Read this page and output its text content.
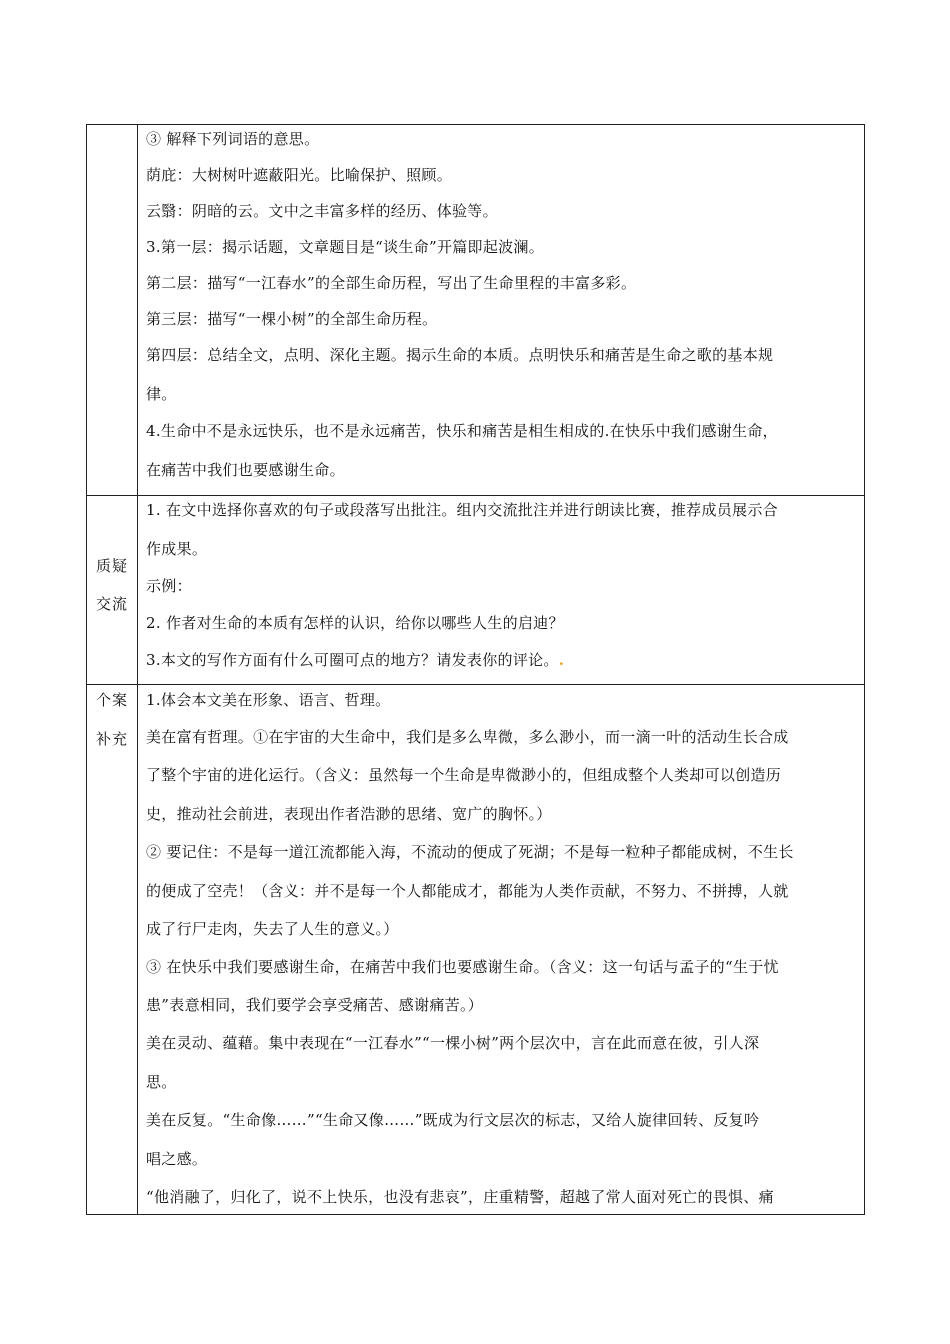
③ 解释下列词语的意思。
荫庇：大树树叶遮蔽阳光。比喻保护、照顾。
云翳：阴暗的云。文中之丰富多样的经历、体验等。
3.第一层：揭示话题，文章题目是“谈生命”开篇即起波澜。
第二层：描写“一江春水”的全部生命历程，写出了生命里程的丰富多彩。
第三层：描写“一棵小树”的全部生命历程。
第四层：总结全文，点明、深化主题。揭示生命的本质。点明快乐和痛苦是生命之歌的基本规
律。
4.生命中不是永远快乐，也不是永远痛苦，快乐和痛苦是相生相成的.在快乐中我们感谢生命，
在痛苦中我们也要感谢生命。
质疑
交流
1. 在文中选择你喜欢的句子或段落写出批注。组内交流批注并进行朗读比赛，推荐成员展示合
作成果。
示例：
2. 作者对生命的本质有怎样的认识，给你以哪些人生的启迪？
3.本文的写作方面有什么可圈可点的地方？请发表你的评论。.
个案
补充
1.体会本文美在形象、语言、哲理。
美在富有哲理。①在宇宙的大生命中，我们是多么卑微，多么渺小，而一滴一叶的活动生长合成
了整个宇宙的进化运行。（含义：虽然每一个生命是卑微渺小的，但组成整个人类却可以创造历
史，推动社会前进，表现出作者浩渺的思绪、宽广的胸怀。）
② 要记住：不是每一道江流都能入海，不流动的便成了死湖；不是每一粒种子都能成树，不生长
的便成了空壳！（含义：并不是每一个人都能成才，都能为人类作贡献，不努力、不拼搏，人就
成了行尸走肉，失去了人生的意义。）
③ 在快乐中我们要感谢生命，在痛苦中我们也要感谢生命。（含义：这一句话与孟子的“生于忧
患”表意相同，我们要学会享受痛苦、感谢痛苦。）
美在灵动、蕴藉。集中表现在“一江春水”“一棵小树”两个层次中，言在此而意在彼，引人深
思。
美在反复。“生命像……”“生命又像……”既成为行文层次的标志，又给人旋律回转、反复吟
唱之感。
“他消融了，归化了，说不上快乐，也没有悲哀”，庄重精警，超越了常人面对死亡的畏惧、痛
